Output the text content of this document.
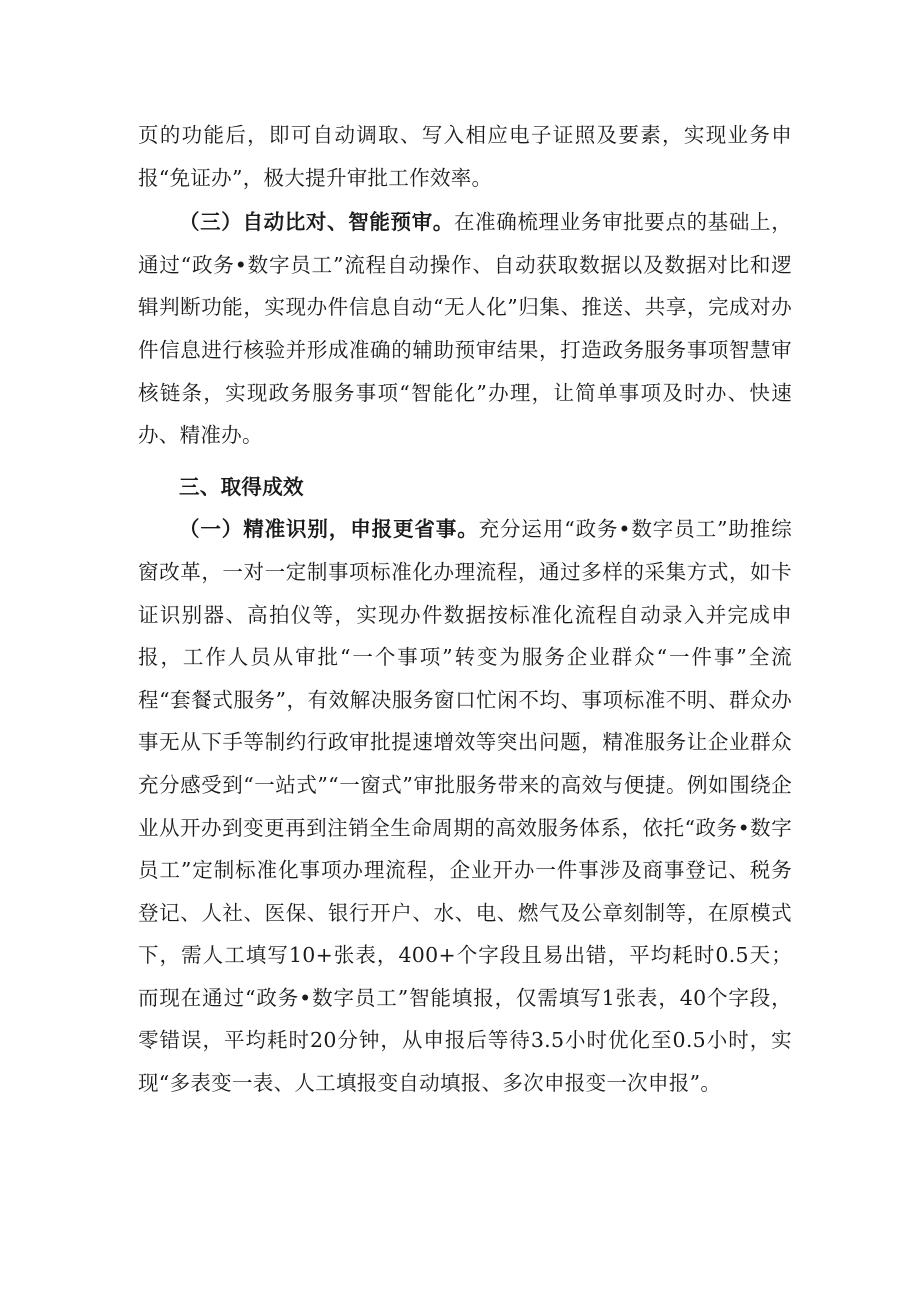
页的功能后，即可自动调取、写入相应电子证照及要素，实现业务申报“免证办”，极大提升审批工作效率。

（三）自动比对、智能预审。在准确梳理业务审批要点的基础上，通过“政务•数字员工”流程自动操作、自动获取数据以及数据对比和逻辑判断功能，实现办件信息自动“无人化”归集、推送、共享，完成对办件信息进行核验并形成准确的辅助预审结果，打造政务服务事项智慧审核链条，实现政务服务事项“智能化”办理，让简单事项及时办、快速办、精准办。

三、取得成效

（一）精准识别，申报更省事。充分运用“政务•数字员工”助推综窗改革，一对一定制事项标准化办理流程，通过多样的采集方式，如卡证识别器、高拍仪等，实现办件数据按标准化流程自动录入并完成申报，工作人员从审批“一个事项”转变为服务企业群众“一件事”全流程“套餐式服务”，有效解决服务窗口忙闲不均、事项标准不明、群众办事无从下手等制约行政审批提速增效等突出问题，精准服务让企业群众充分感受到“一站式”“一窗式”审批服务带来的高效与便捷。例如围绕企业从开办到变更再到注销全生命周期的高效服务体系，依托“政务•数字员工”定制标准化事项办理流程，企业开办一件事涉及商事登记、税务登记、人社、医保、银行开户、水、电、燃气及公章刻制等，在原模式下，需人工填写10+张表，400+个字段且易出错，平均耗时0.5天；而现在通过“政务•数字员工”智能填报，仅需填写1张表，40个字段，零错误，平均耗时20分钟，从申报后等待3.5小时优化至0.5小时，实现“多表变一表、人工填报变自动填报、多次申报变一次申报”。
